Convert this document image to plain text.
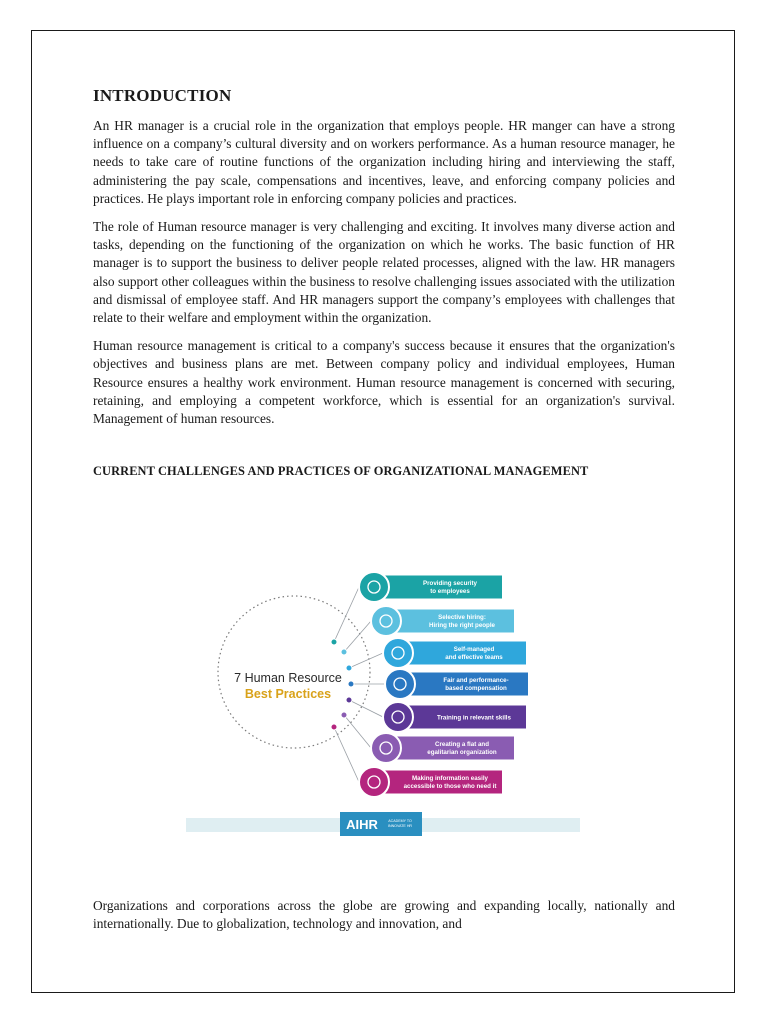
INTRODUCTION

An HR manager is a crucial role in the organization that employs people. HR manger can have a strong influence on a company’s cultural diversity and on workers performance. As a human resource manager, he needs to take care of routine functions of the organization including hiring and interviewing the staff, administering the pay scale, compensations and incentives, leave, and enforcing company policies and practices. He plays important role in enforcing company policies and practices.

The role of Human resource manager is very challenging and exciting. It involves many diverse action and tasks, depending on the functioning of the organization on which he works. The basic function of HR manager is to support the business to deliver people related processes, aligned with the law. HR managers also support other colleagues within the business to resolve challenging issues associated with the utilization and dismissal of employee staff. And HR managers support the company’s employees with challenges that relate to their welfare and employment within the organization.

Human resource management is critical to a company's success because it ensures that the organization's objectives and business plans are met. Between company policy and individual employees, Human Resource ensures a healthy work environment. Human resource management is concerned with securing, retaining, and employing a competent workforce, which is essential for an organization's survival. Management of human resources.

CURRENT CHALLENGES AND PRACTICES OF ORGANIZATIONAL MANAGEMENT
7 Human Resource
Best Practices
Providing security
to employees
Selective hiring:
Hiring the right people
Self-managed
and effective teams
Fair and performance-
based compensation
Training in relevant skills
Creating a flat and
egalitarian organization
Making information easily
accessible to those who need it
AIHR	ACADEMY TO
INNOVATE HR

Organizations and corporations across the globe are growing and expanding locally, nationally and internationally. Due to globalization, technology and innovation, and
